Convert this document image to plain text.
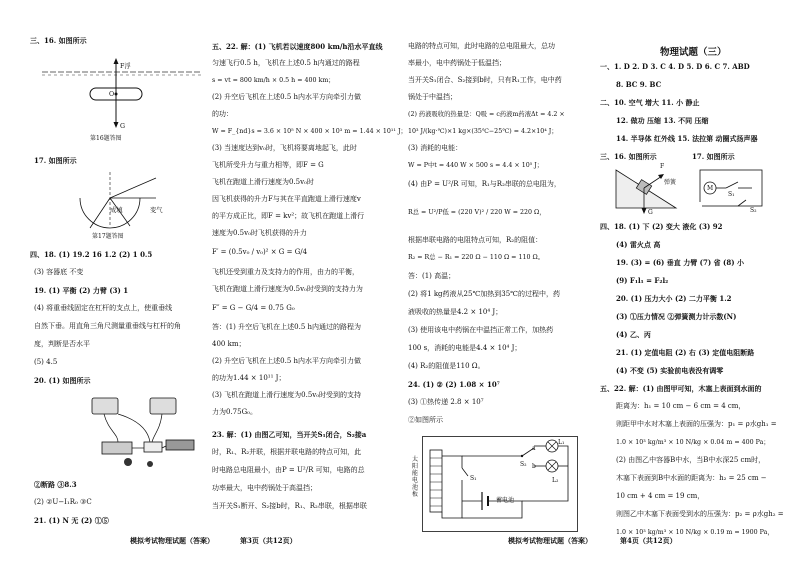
三、16. 如图所示
F浮
O
G
第16题答图
17. 如图所示
成填	变气
第17题答图
四、18. (1) 19.2 16 1.2 (2) 1 0.5
(3) 容器底 不变
19. (1) 平衡 (2) 力臂 (3) 1
(4) 将重垂线固定在杠杆的支点上，使重垂线
自然下垂。用直角三角尺测量重垂线与杠杆的角
度，判断是否水平
(5) 4.5
20. (1) 如图所示
②断路 ③8.3
(2) ②U−I₁R₀ ③C
21. (1) N 无 (2) ①⑤
五、22. 解：(1) 飞机若以速度800 km/h沿水平直线
匀速飞行0.5 h，飞机在上述0.5 h内通过的路程
s = vt = 800 km/h × 0.5 h = 400 km；
(2) 升空后飞机在上述0.5 h内水平方向牵引力做
的功：
W = F_{nd}s = 3.6 × 10⁵ N × 400 × 10³ m = 1.44 × 10¹¹ J；
(3) 当速度达到v₀时，飞机将要离地起飞，此时
飞机所受升力与重力相等，即F = G
飞机在跑道上滑行速度为0.5v₀时
因飞机获得的升力F与其在平直跑道上滑行速度v
的平方成正比，即F = kv²；故飞机在跑道上滑行
速度为0.5v₀时飞机获得的升力
F′ = (0.5v₀ / v₀)² × G = G/4
飞机还受到重力及支持力的作用，由力的平衡，
飞机在跑道上滑行速度为0.5v₀时受到的支持力为
F″ = G − G/4 = 0.75 G₀
答：(1) 升空后飞机在上述0.5 h内通过的路程为
400 km；
(2) 升空后飞机在上述0.5 h内水平方向牵引力做
的功为1.44 × 10¹¹ J；
(3) 飞机在跑道上滑行速度为0.5v₀时受到的支持
力为0.75G₀。
23. 解：(1) 由图乙可知，当开关S₁闭合，S₂接a
时，R₁、R₂并联，根据并联电路的特点可知，此
时电路总电阻最小，由P = U²/R 可知，电路的总
功率最大，电中药锅处于高温挡；
当开关S₁断开、S₂接b时，R₁、R₂串联，根据串联
模拟考试物理试题（答案）	第3页（共12页）
电路的特点可知，此时电路的总电阻最大，总功
率最小，电中药锅处于低温挡；
当开关S₁闭合、S₂接到b时，只有R₁工作，电中药
锅处于中温挡；
(2) 药液吸收的热量是：Q吸 = c药液m药液Δt = 4.2 ×
10³ J/(kg·℃)×1 kg×(35℃−25℃) = 4.2×10⁴ J；
(3) 消耗的电能：
W = P中t = 440 W × 500 s = 4.4 × 10⁵ J；
(4) 由P = U²/R 可知，R₁与R₂串联的总电阻为，
R总 = U²/P低 = (220 V)² / 220 W = 220 Ω，
根据串联电路的电阻特点可知，R₂的阻值：
R₂ = R总 − R₁ = 220 Ω − 110 Ω = 110 Ω。
答：(1) 高温；
(2) 将1 kg药液从25℃加热到35℃的过程中，药
液吸收的热量是4.2 × 10⁴ J；
(3) 使用该电中药锅在中温挡正常工作，加热药
100 s，消耗的电能是4.4 × 10⁴ J；
(4) R₂的阻值是110 Ω。
24. (1) ② (2) 1.08 × 10⁷
(3) ①热传递 2.8 × 10⁷
②如图所示
太阳能电池板
蓄电池
S₁
S₂
a
b
L₁
L₂
物理试题（三）
一、1. D 2. D 3. C 4. D 5. D 6. C 7. ABD
8. BC 9. BC
二、10. 空气 增大 11. 小 静止
12. 做功 压缩 13. 不同 压缩
14. 半导体 红外线 15. 法拉第 动圈式扬声器
三、16. 如图所示	17. 如图所示
F
弹簧
G
M
S₁
S₂
四、18. (1) 下 (2) 变大 液化 (3) 92
(4) 雷火点 高
19. (3) = (6) 垂直 力臂 (7) 省 (8) 小
(9) F₁l₁ = F₂l₂
20. (1) 压力大小 (2) 二力平衡 1.2
(3) ①压力情况 ②弹簧测力计示数(N)
(4) 乙、丙
21. (1) 定值电阻 (2) 右 (3) 定值电阻断路
(4) 不变 (5) 实验前电表没有调零
五、22. 解：(1) 由图甲可知，木塞上表面到水面的
距离为：h₁ = 10 cm − 6 cm = 4 cm，
则距甲中水对木塞上表面的压强为：p₁ = ρ水gh₁ =
1.0 × 10³ kg/m³ × 10 N/kg × 0.04 m = 400 Pa；
(2) 由图乙中容器B中水，当B中水深25 cm时，
木塞下表面到B中水面的距离为：h₂ = 25 cm −
10 cm + 4 cm = 19 cm，
则图乙中木塞下表面受到水的压强为：p₂ = ρ水gh₂ =
1.0 × 10³ kg/m³ × 10 N/kg × 0.19 m = 1900 Pa，
模拟考试物理试题（答案）	第4页（共12页）
